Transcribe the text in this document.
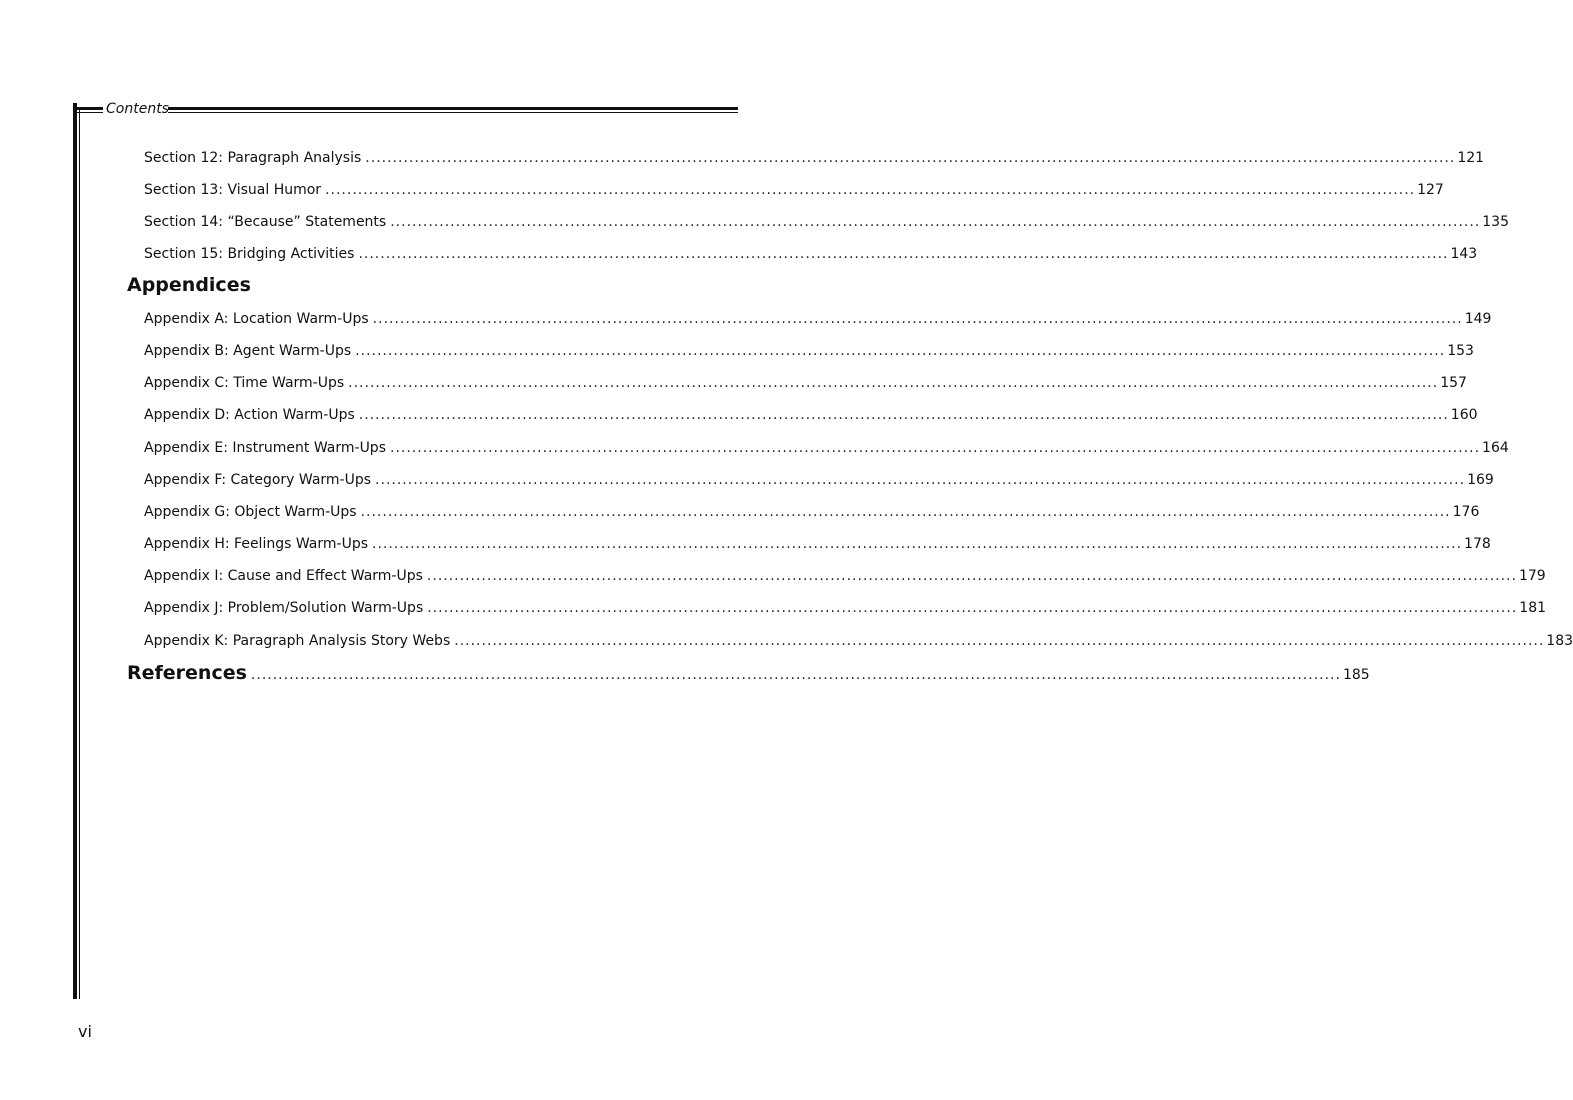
Contents
Section 12: Paragraph Analysis ........................................................................................................................................................................................................ 121
Section 13: Visual Humor ........................................................................................................................................................................................................ 127
Section 14: “Because” Statements ........................................................................................................................................................................................................ 135
Section 15: Bridging Activities ........................................................................................................................................................................................................ 143
Appendices
Appendix A: Location Warm-Ups ........................................................................................................................................................................................................ 149
Appendix B: Agent Warm-Ups ........................................................................................................................................................................................................ 153
Appendix C: Time Warm-Ups ........................................................................................................................................................................................................ 157
Appendix D: Action Warm-Ups ........................................................................................................................................................................................................ 160
Appendix E: Instrument Warm-Ups ........................................................................................................................................................................................................ 164
Appendix F: Category Warm-Ups ........................................................................................................................................................................................................ 169
Appendix G: Object Warm-Ups ........................................................................................................................................................................................................ 176
Appendix H: Feelings Warm-Ups ........................................................................................................................................................................................................ 178
Appendix I: Cause and Effect Warm-Ups ........................................................................................................................................................................................................ 179
Appendix J: Problem/Solution Warm-Ups ........................................................................................................................................................................................................ 181
Appendix K: Paragraph Analysis Story Webs ........................................................................................................................................................................................................ 183
References ........................................................................................................................................................................................................ 185
vi
